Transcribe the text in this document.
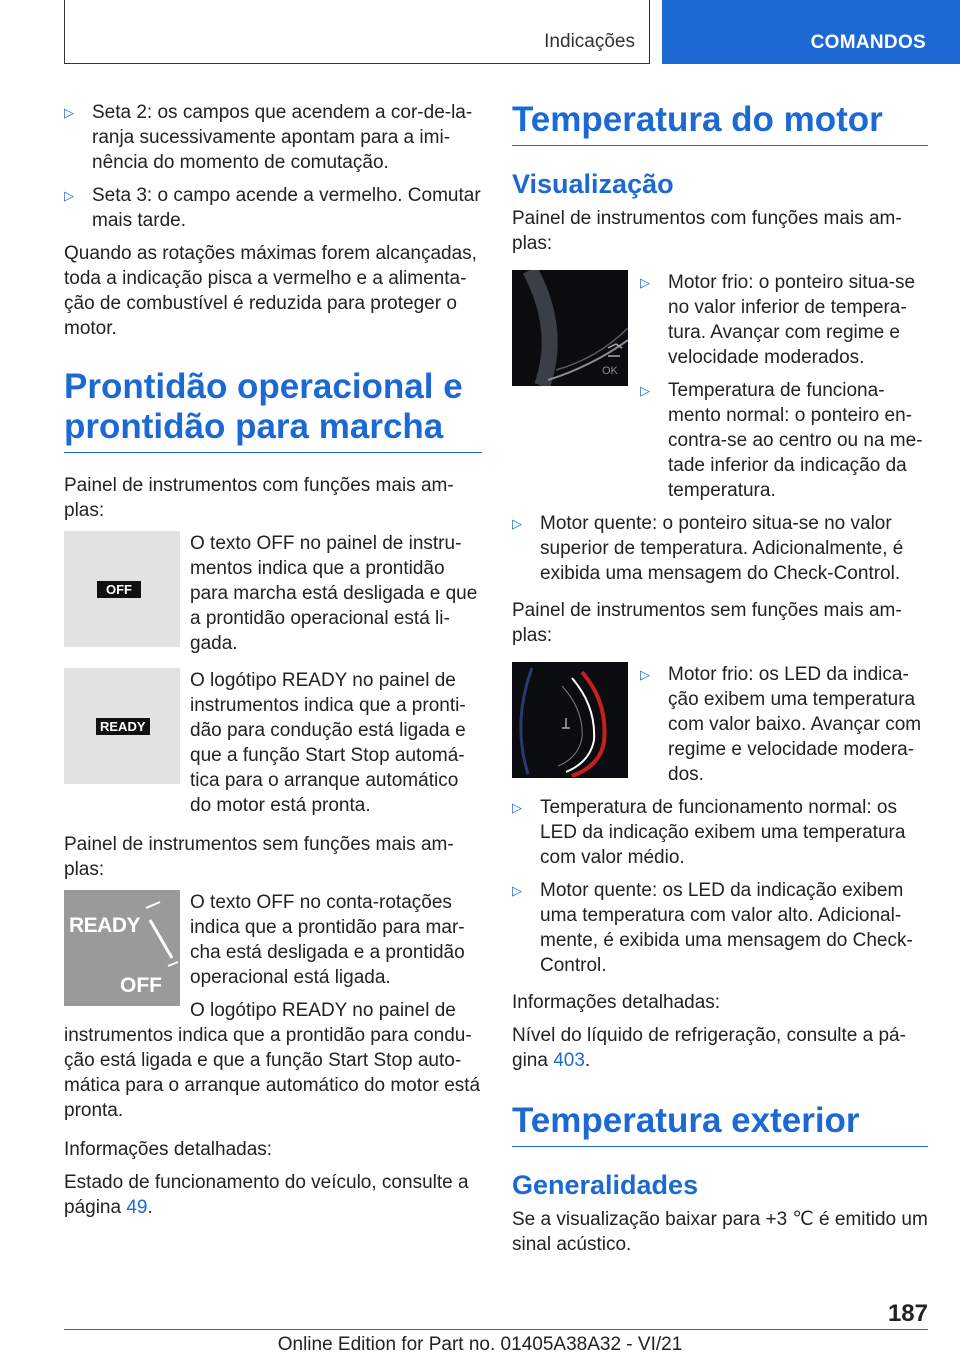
Indicações	COMANDOS
▷ Seta 2: os campos que acendem a cor-de-laranja sucessivamente apontam para a iminência do momento de comutação.
▷ Seta 3: o campo acende a vermelho. Comutar mais tarde.

Quando as rotações máximas forem alcançadas, toda a indicação pisca a vermelho e a alimentação de combustível é reduzida para proteger o motor.

Prontidão operacional e prontidão para marcha

Painel de instrumentos com funções mais amplas:

OFF

O texto OFF no painel de instrumentos indica que a prontidão para marcha está desligada e que a prontidão operacional está ligada.

READY

O logótipo READY no painel de instrumentos indica que a prontidão para condução está ligada e que a função Start Stop automática para o arranque automático do motor está pronta.

Painel de instrumentos sem funções mais amplas:

READY
OFF

O texto OFF no conta-rotações indica que a prontidão para marcha está desligada e a prontidão operacional está ligada.

O logótipo READY no painel de instrumentos indica que a prontidão para condução está ligada e que a função Start Stop automática para o arranque automático do motor está pronta.

Informações detalhadas:

Estado de funcionamento do veículo, consulte a página 49.

Temperatura do motor
Visualização

Painel de instrumentos com funções mais amplas:

OK
▷ Motor frio: o ponteiro situa-se no valor inferior de temperatura. Avançar com regime e velocidade moderados.
▷ Temperatura de funcionamento normal: o ponteiro encontra-se ao centro ou na metade inferior da indicação da temperatura.
▷ Motor quente: o ponteiro situa-se no valor superior de temperatura. Adicionalmente, é exibida uma mensagem do Check-Control.

Painel de instrumentos sem funções mais amplas:

▷ Motor frio: os LED da indicação exibem uma temperatura com valor baixo. Avançar com regime e velocidade moderados.
▷ Temperatura de funcionamento normal: os LED da indicação exibem uma temperatura com valor médio.
▷ Motor quente: os LED da indicação exibem uma temperatura com valor alto. Adicionalmente, é exibida uma mensagem do Check-Control.

Informações detalhadas:

Nível do líquido de refrigeração, consulte a página 403.

Temperatura exterior
Generalidades

Se a visualização baixar para +3 ℃ é emitido um sinal acústico.

187
Online Edition for Part no. 01405A38A32 - VI/21
